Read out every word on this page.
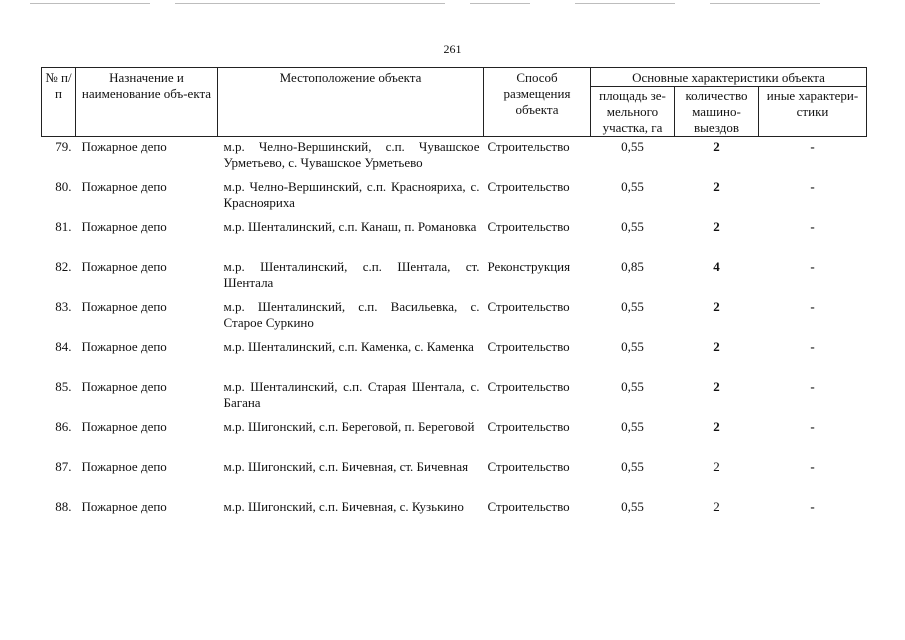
261
№ п/п	Назначение и наименование объ-екта	Местоположение объекта	Способ размещения объекта	Основные характеристики объекта		
				площадь зе-мельного участка, га	количество машино-выездов	иные характери-стики
79.	Пожарное депо	м.р. Челно-Вершинский, с.п. Чувашское Урметьево, с. Чувашское Урметьево	Строительство	0,55	2	-
80.	Пожарное депо	м.р. Челно-Вершинский, с.п. Краснояриха, с. Краснояриха	Строительство	0,55	2	-
81.	Пожарное депо	м.р. Шенталинский, с.п. Канаш, п. Романовка	Строительство	0,55	2	-
82.	Пожарное депо	м.р. Шенталинский, с.п. Шентала, ст. Шентала	Реконструкция	0,85	4	-
83.	Пожарное депо	м.р. Шенталинский, с.п. Васильевка, с. Старое Суркино	Строительство	0,55	2	-
84.	Пожарное депо	м.р. Шенталинский, с.п. Каменка, с. Каменка	Строительство	0,55	2	-
85.	Пожарное депо	м.р. Шенталинский, с.п. Старая Шентала, с. Багана	Строительство	0,55	2	-
86.	Пожарное депо	м.р. Шигонский, с.п. Береговой, п. Береговой	Строительство	0,55	2	-
87.	Пожарное депо	м.р. Шигонский, с.п. Бичевная, ст. Бичевная	Строительство	0,55	2	-
88.	Пожарное депо	м.р. Шигонский, с.п. Бичевная, с. Кузькино	Строительство	0,55	2	-
